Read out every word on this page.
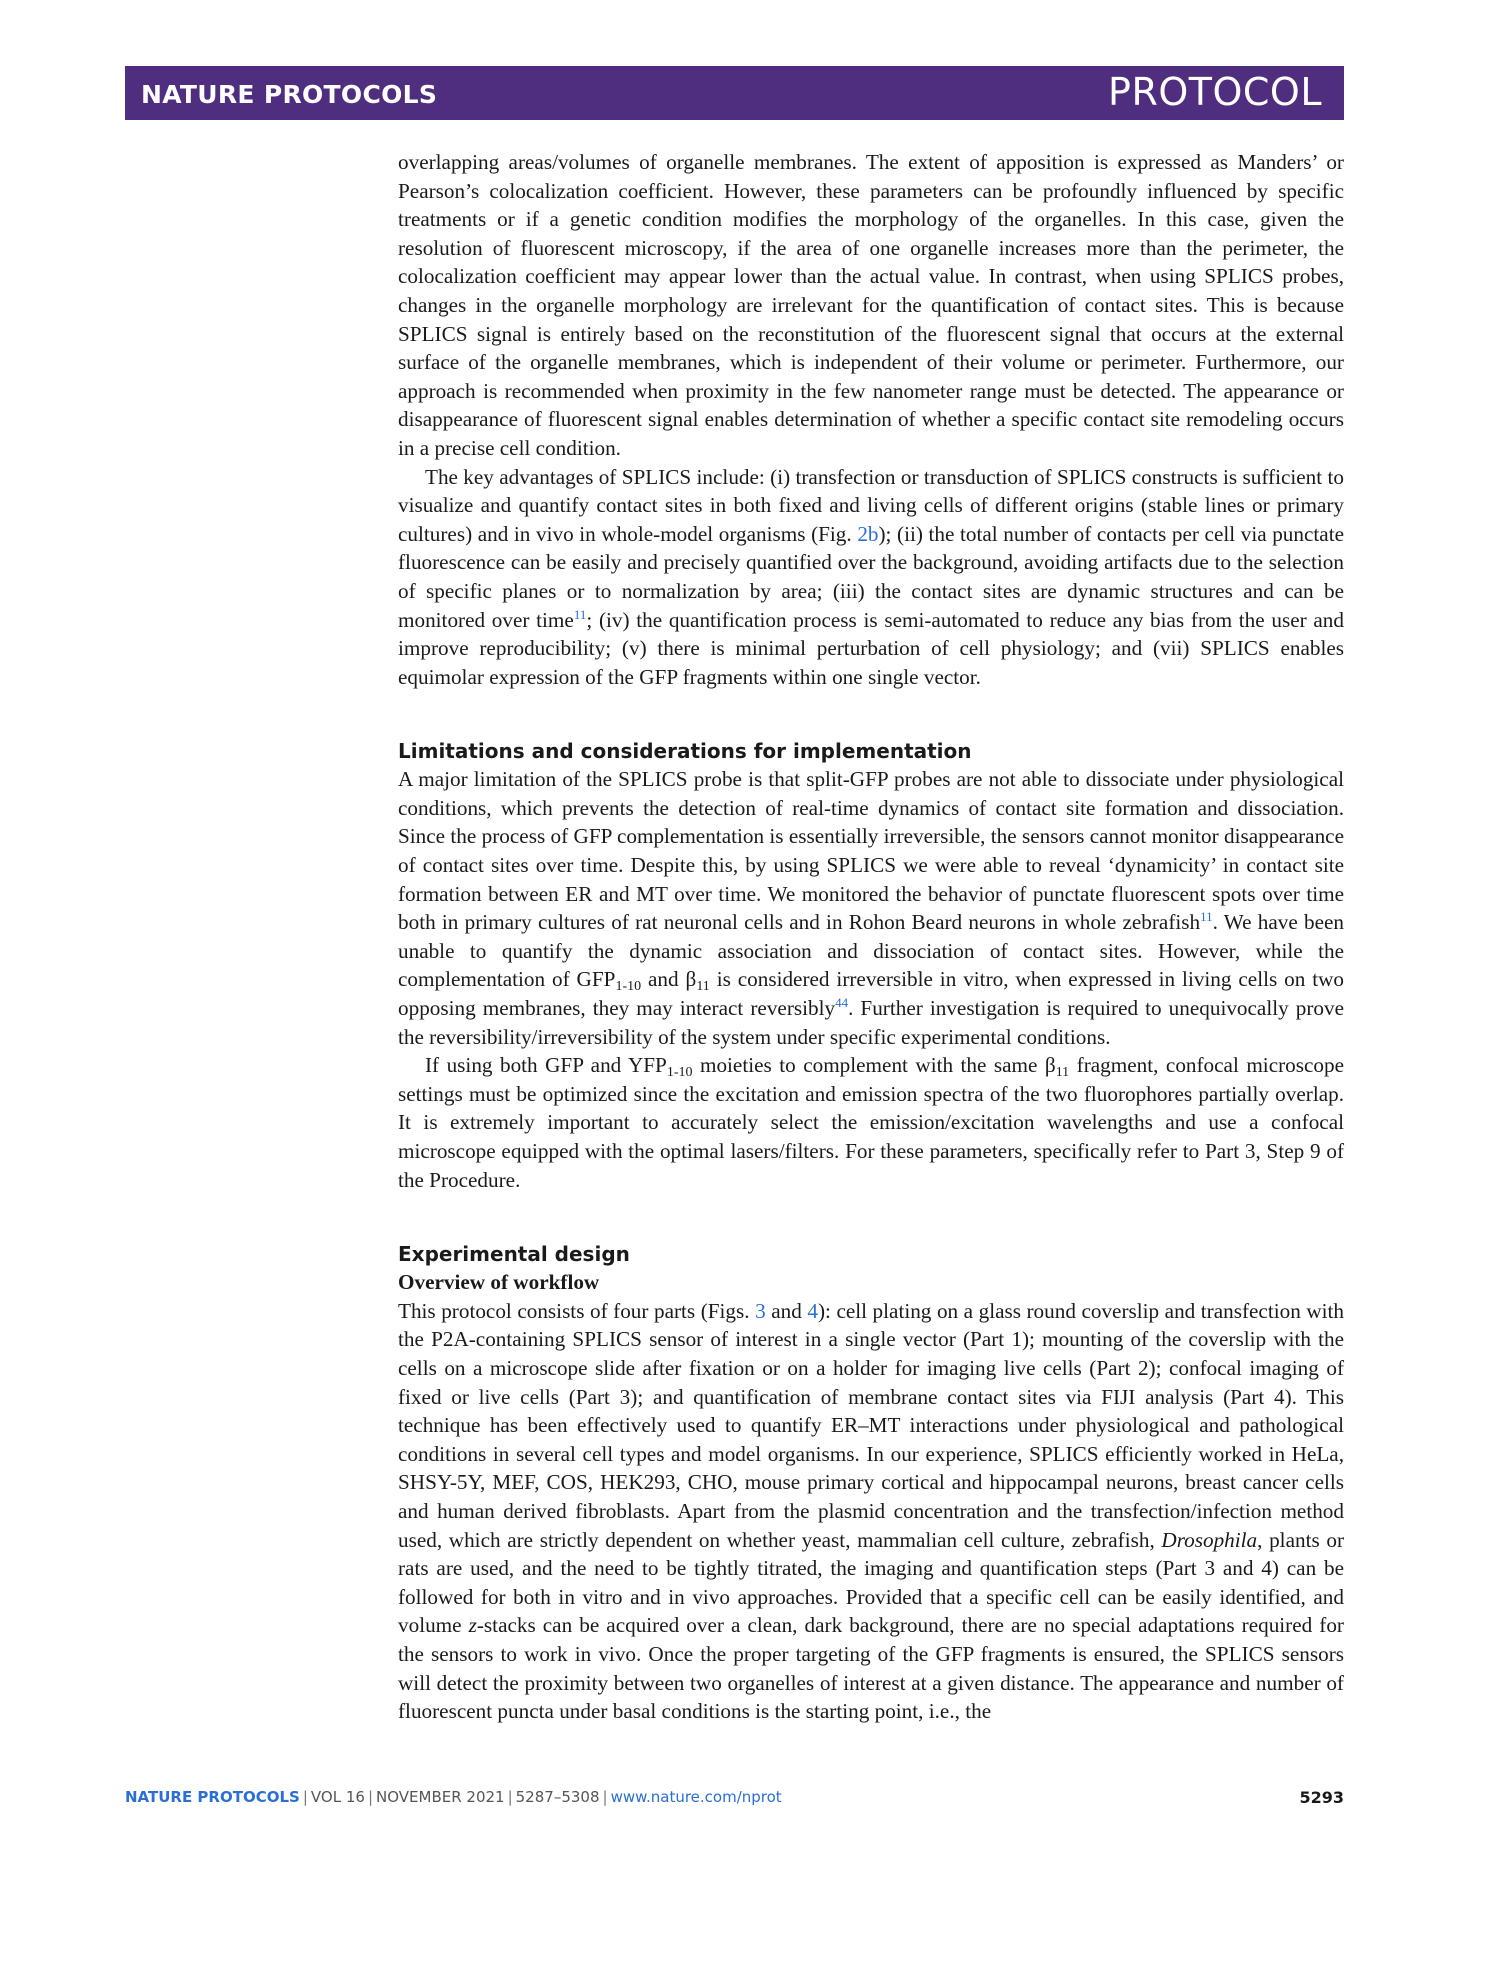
NATURE PROTOCOLS	PROTOCOL

overlapping areas/volumes of organelle membranes. The extent of apposition is expressed as Manders’ or Pearson’s colocalization coefficient. However, these parameters can be profoundly influenced by specific treatments or if a genetic condition modifies the morphology of the organelles. In this case, given the resolution of fluorescent microscopy, if the area of one organelle increases more than the perimeter, the colocalization coefficient may appear lower than the actual value. In contrast, when using SPLICS probes, changes in the organelle morphology are irrelevant for the quantification of contact sites. This is because SPLICS signal is entirely based on the reconstitution of the fluorescent signal that occurs at the external surface of the organelle membranes, which is independent of their volume or perimeter. Furthermore, our approach is recommended when proximity in the few nanometer range must be detected. The appearance or disappearance of fluorescent signal enables determination of whether a specific contact site remodeling occurs in a precise cell condition.

The key advantages of SPLICS include: (i) transfection or transduction of SPLICS constructs is sufficient to visualize and quantify contact sites in both fixed and living cells of different origins (stable lines or primary cultures) and in vivo in whole-model organisms (Fig. 2b); (ii) the total number of contacts per cell via punctate fluorescence can be easily and precisely quantified over the background, avoiding artifacts due to the selection of specific planes or to normalization by area; (iii) the contact sites are dynamic structures and can be monitored over time$^{11}$; (iv) the quantification process is semi-automated to reduce any bias from the user and improve reproducibility; (v) there is minimal perturbation of cell physiology; and (vii) SPLICS enables equimolar expression of the GFP fragments within one single vector.

Limitations and considerations for implementation

A major limitation of the SPLICS probe is that split-GFP probes are not able to dissociate under physiological conditions, which prevents the detection of real-time dynamics of contact site formation and dissociation. Since the process of GFP complementation is essentially irreversible, the sensors cannot monitor disappearance of contact sites over time. Despite this, by using SPLICS we were able to reveal ‘dynamicity’ in contact site formation between ER and MT over time. We monitored the behavior of punctate fluorescent spots over time both in primary cultures of rat neuronal cells and in Rohon Beard neurons in whole zebrafish$^{11}$. We have been unable to quantify the dynamic association and dissociation of contact sites. However, while the complementation of $GFP_{1-10}$ and $\beta_{11}$ is considered irreversible in vitro, when expressed in living cells on two opposing membranes, they may interact reversibly$^{44}$. Further investigation is required to unequivocally prove the reversibility/irreversibility of the system under specific experimental conditions.

If using both GFP and $YFP_{1-10}$ moieties to complement with the same $\beta_{11}$ fragment, confocal microscope settings must be optimized since the excitation and emission spectra of the two fluorophores partially overlap. It is extremely important to accurately select the emission/excitation wavelengths and use a confocal microscope equipped with the optimal lasers/filters. For these parameters, specifically refer to Part 3, Step 9 of the Procedure.

Experimental design
Overview of workflow

This protocol consists of four parts (Figs. 3 and 4): cell plating on a glass round coverslip and transfection with the P2A-containing SPLICS sensor of interest in a single vector (Part 1); mounting of the coverslip with the cells on a microscope slide after fixation or on a holder for imaging live cells (Part 2); confocal imaging of fixed or live cells (Part 3); and quantification of membrane contact sites via FIJI analysis (Part 4). This technique has been effectively used to quantify ER–MT interactions under physiological and pathological conditions in several cell types and model organisms. In our experience, SPLICS efficiently worked in HeLa, SHSY-5Y, MEF, COS, HEK293, CHO, mouse primary cortical and hippocampal neurons, breast cancer cells and human derived fibroblasts. Apart from the plasmid concentration and the transfection/infection method used, which are strictly dependent on whether yeast, mammalian cell culture, zebrafish, Drosophila, plants or rats are used, and the need to be tightly titrated, the imaging and quantification steps (Part 3 and 4) can be followed for both in vitro and in vivo approaches. Provided that a specific cell can be easily identified, and volume z-stacks can be acquired over a clean, dark background, there are no special adaptations required for the sensors to work in vivo. Once the proper targeting of the GFP fragments is ensured, the SPLICS sensors will detect the proximity between two organelles of interest at a given distance. The appearance and number of fluorescent puncta under basal conditions is the starting point, i.e., the

NATURE PROTOCOLS | VOL 16 | NOVEMBER 2021 | 5287–5308 | www.nature.com/nprot	5293
